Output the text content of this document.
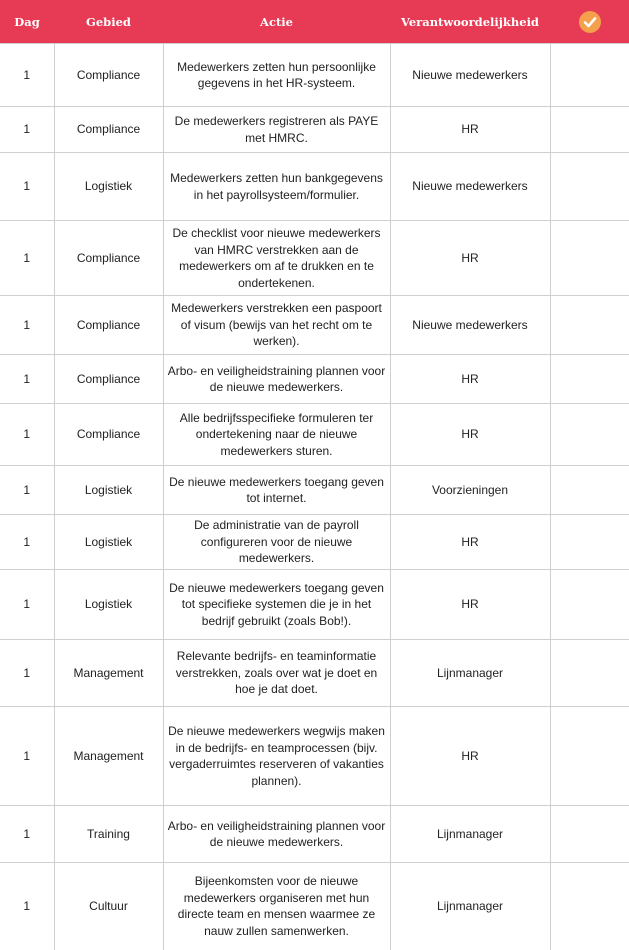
Dag	Gebied	Actie	Verantwoordelijkheid	

1	Compliance	Medewerkers zetten hun persoonlijke gegevens in het HR-systeem.	Nieuwe medewerkers	
1	Compliance	De medewerkers registreren als PAYE met HMRC.	HR	
1	Logistiek	Medewerkers zetten hun bankgegevens in het payrollsysteem/formulier.	Nieuwe medewerkers	
1	Compliance	De checklist voor nieuwe medewerkers van HMRC verstrekken aan de medewerkers om af te drukken en te ondertekenen.	HR	
1	Compliance	Medewerkers verstrekken een paspoort of visum (bewijs van het recht om te werken).	Nieuwe medewerkers	
1	Compliance	Arbo- en veiligheidstraining plannen voor de nieuwe medewerkers.	HR	
1	Compliance	Alle bedrijfsspecifieke formuleren ter ondertekening naar de nieuwe medewerkers sturen.	HR	
1	Logistiek	De nieuwe medewerkers toegang geven tot internet.	Voorzieningen	
1	Logistiek	De administratie van de payroll configureren voor de nieuwe medewerkers.	HR	
1	Logistiek	De nieuwe medewerkers toegang geven tot specifieke systemen die je in het bedrijf gebruikt (zoals Bob!).	HR	
1	Management	Relevante bedrijfs- en teaminformatie verstrekken, zoals over wat je doet en hoe je dat doet.	Lijnmanager	
1	Management	De nieuwe medewerkers wegwijs maken in de bedrijfs- en teamprocessen (bijv. vergaderruimtes reserveren of vakanties plannen).	HR	
1	Training	Arbo- en veiligheidstraining plannen voor de nieuwe medewerkers.	Lijnmanager	
1	Cultuur	Bijeenkomsten voor de nieuwe medewerkers organiseren met hun directe team en mensen waarmee ze nauw zullen samenwerken.	Lijnmanager	
